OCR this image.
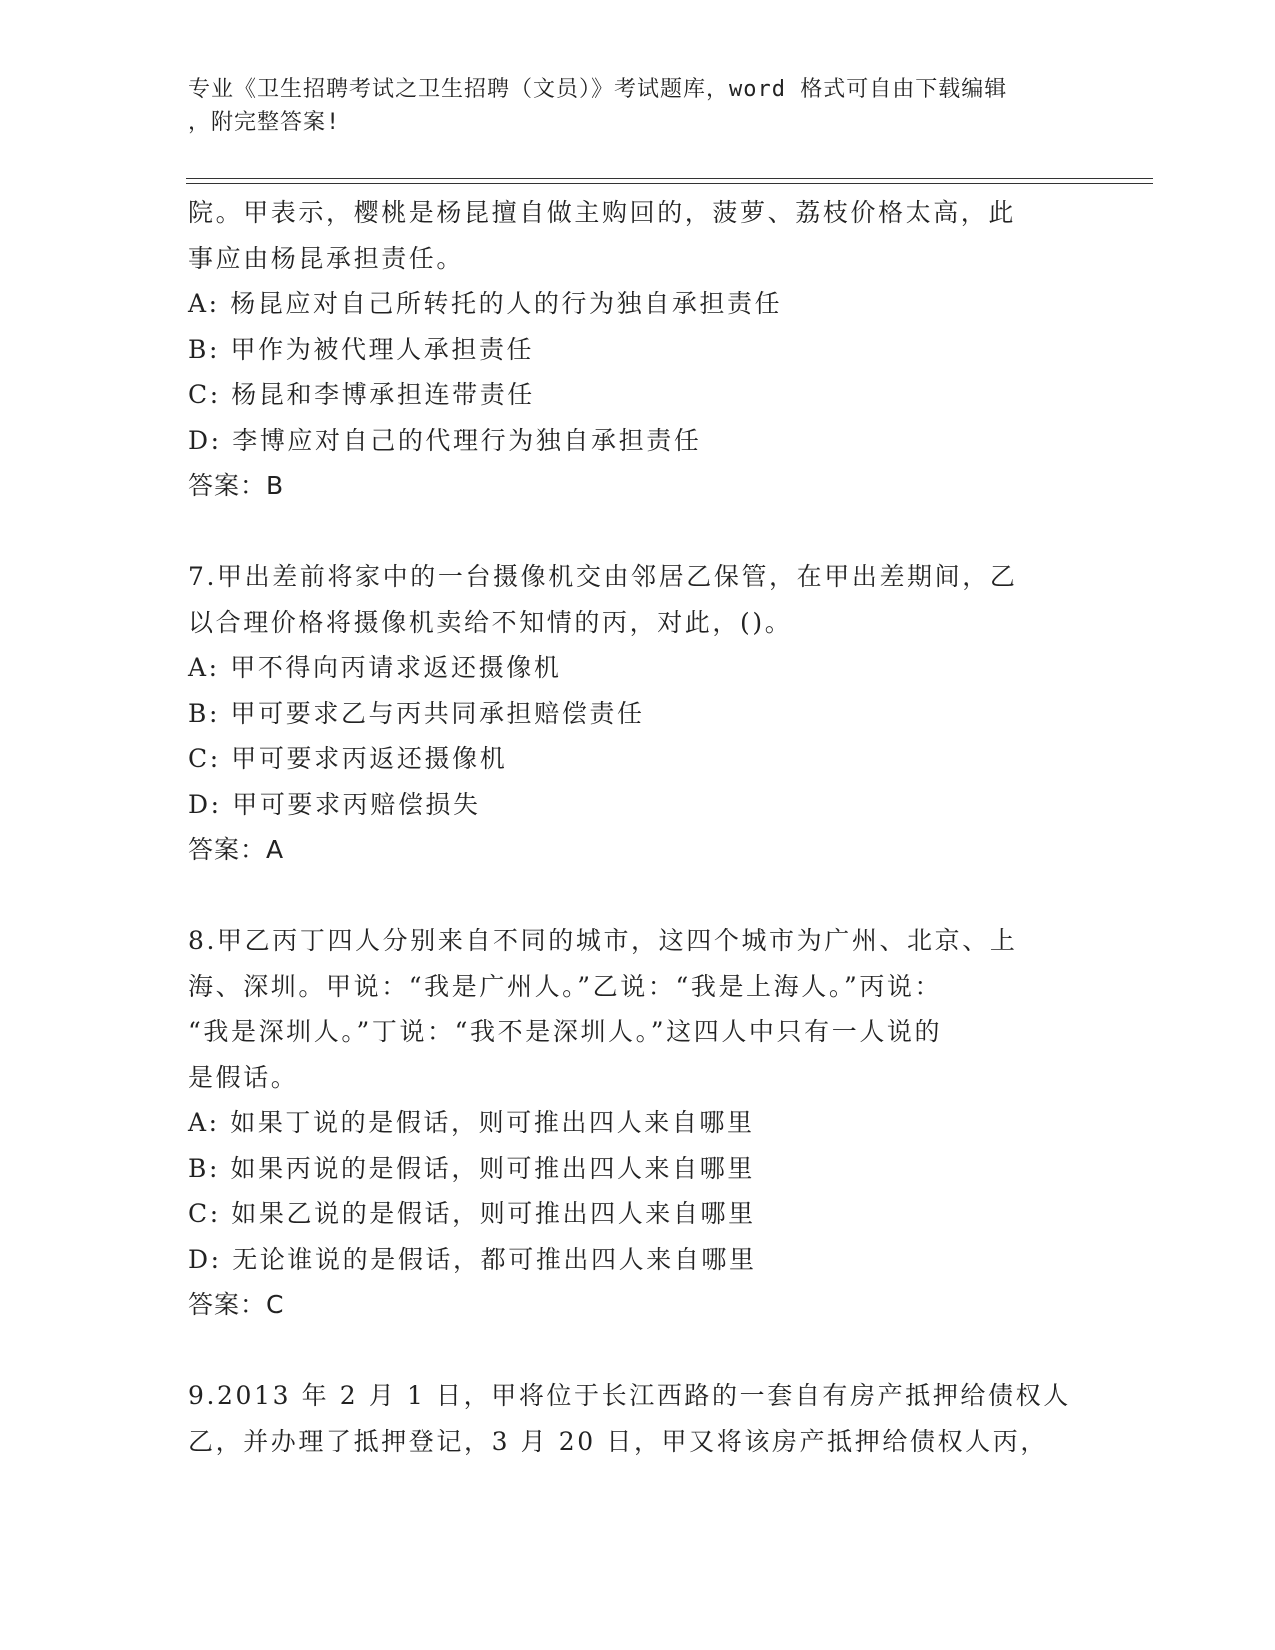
专业《卫生招聘考试之卫生招聘（文员）》考试题库，word 格式可自由下载编辑
，附完整答案!
院。甲表示，樱桃是杨昆擅自做主购回的，菠萝、荔枝价格太高，此
事应由杨昆承担责任。
A: 杨昆应对自己所转托的人的行为独自承担责任
B: 甲作为被代理人承担责任
C: 杨昆和李博承担连带责任
D: 李博应对自己的代理行为独自承担责任
答案：B
7.甲出差前将家中的一台摄像机交由邻居乙保管，在甲出差期间，乙
以合理价格将摄像机卖给不知情的丙，对此，()。
A: 甲不得向丙请求返还摄像机
B: 甲可要求乙与丙共同承担赔偿责任
C: 甲可要求丙返还摄像机
D: 甲可要求丙赔偿损失
答案：A
8.甲乙丙丁四人分别来自不同的城市，这四个城市为广州、北京、上
海、深圳。甲说：“我是广州人。”乙说：“我是上海人。”丙说：
“我是深圳人。”丁说：“我不是深圳人。”这四人中只有一人说的
是假话。
A: 如果丁说的是假话，则可推出四人来自哪里
B: 如果丙说的是假话，则可推出四人来自哪里
C: 如果乙说的是假话，则可推出四人来自哪里
D: 无论谁说的是假话，都可推出四人来自哪里
答案：C
9.2013 年 2 月 1 日，甲将位于长江西路的一套自有房产抵押给债权人
乙，并办理了抵押登记，3 月 20 日，甲又将该房产抵押给债权人丙，
